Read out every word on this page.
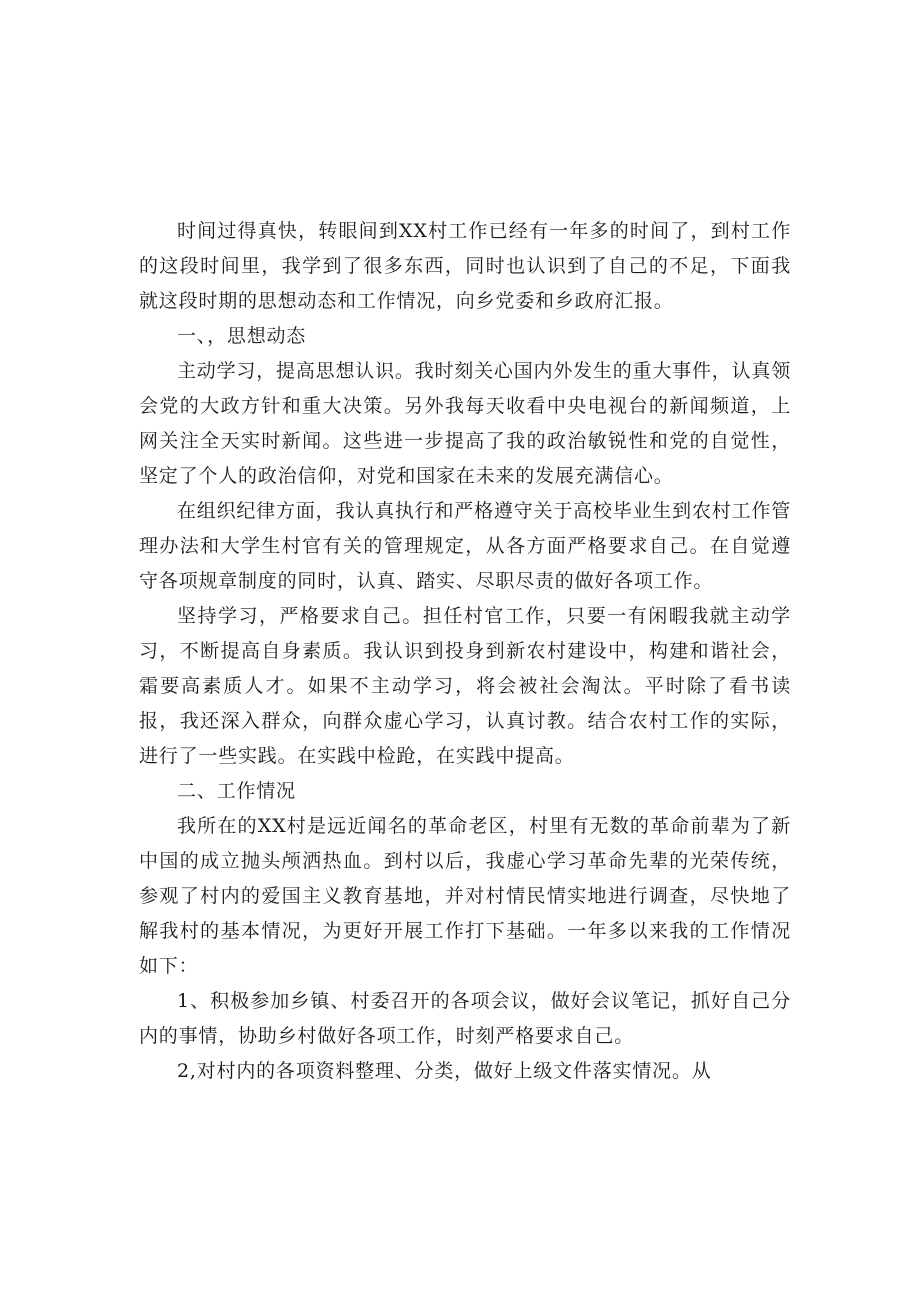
时间过得真快，转眼间到XX村工作已经有一年多的时间了，到村工作的这段时间里，我学到了很多东西，同时也认识到了自己的不足，下面我就这段时期的思想动态和工作情况，向乡党委和乡政府汇报。

一、，思想动态

主动学习，提高思想认识。我时刻关心国内外发生的重大事件，认真领会党的大政方针和重大决策。另外我每天收看中央电视台的新闻频道，上网关注全天实时新闻。这些进一步提高了我的政治敏锐性和党的自觉性，坚定了个人的政治信仰，对党和国家在未来的发展充满信心。

在组织纪律方面，我认真执行和严格遵守关于高校毕业生到农村工作管理办法和大学生村官有关的管理规定，从各方面严格要求自己。在自觉遵守各项规章制度的同时，认真、踏实、尽职尽责的做好各项工作。

坚持学习，严格要求自己。担任村官工作，只要一有闲暇我就主动学习，不断提高自身素质。我认识到投身到新农村建设中，构建和谐社会，霜要高素质人才。如果不主动学习，将会被社会淘汰。平时除了看书读报，我还深入群众，向群众虚心学习，认真讨教。结合农村工作的实际，进行了一些实践。在实践中检跄，在实践中提高。

二、工作情况

我所在的XX村是远近闻名的革命老区，村里有无数的革命前辈为了新中国的成立抛头颅洒热血。到村以后，我虚心学习革命先辈的光荣传统，参观了村内的爱国主义教育基地，并对村情民情实地进行调查，尽快地了解我村的基本情况，为更好开展工作打下基础。一年多以来我的工作情况如下：

1、积极参加乡镇、村委召开的各项会议，做好会议笔记，抓好自己分内的事情，协助乡村做好各项工作，时刻严格要求自己。

2,对村内的各项资料整理、分类，做好上级文件落实情况。从
